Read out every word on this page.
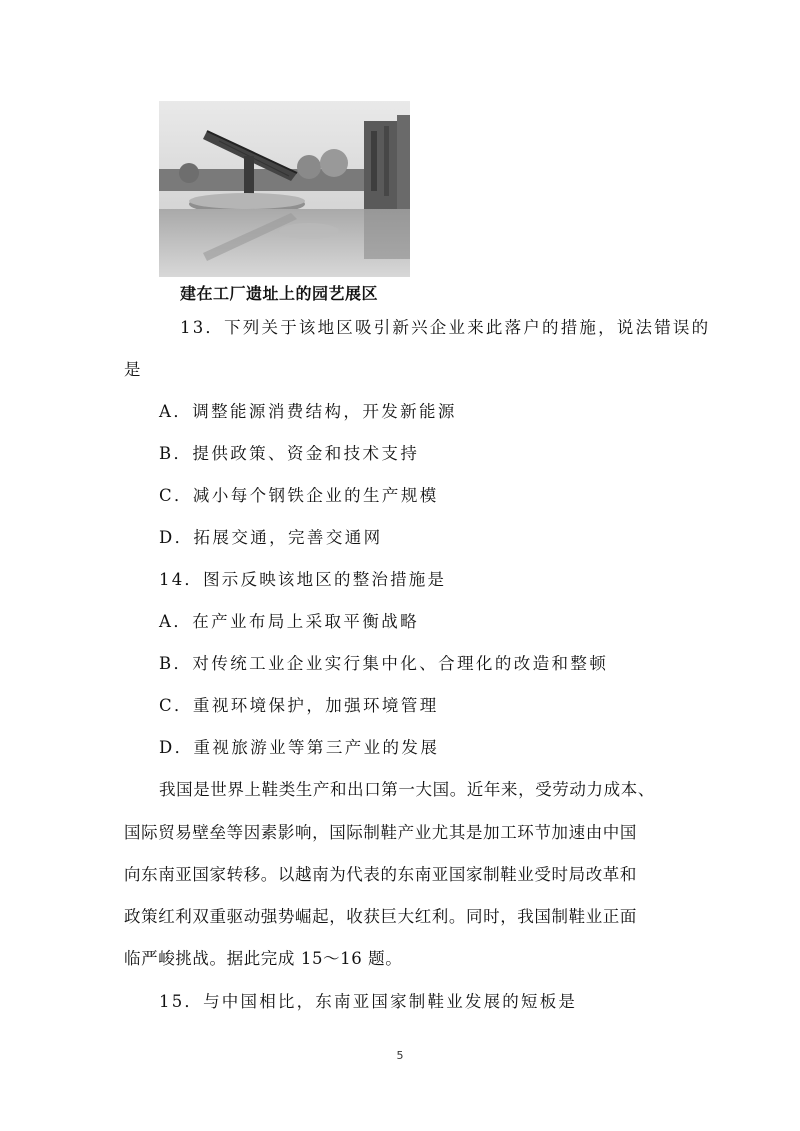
建在工厂遗址上的园艺展区
13．下列关于该地区吸引新兴企业来此落户的措施，说法错误的
是
A．调整能源消费结构，开发新能源
B．提供政策、资金和技术支持
C．减小每个钢铁企业的生产规模
D．拓展交通，完善交通网
14．图示反映该地区的整治措施是
A．在产业布局上采取平衡战略
B．对传统工业企业实行集中化、合理化的改造和整顿
C．重视环境保护，加强环境管理
D．重视旅游业等第三产业的发展
我国是世界上鞋类生产和出口第一大国。近年来，受劳动力成本、
国际贸易壁垒等因素影响，国际制鞋产业尤其是加工环节加速由中国
向东南亚国家转移。以越南为代表的东南亚国家制鞋业受时局改革和
政策红利双重驱动强势崛起，收获巨大红利。同时，我国制鞋业正面
临严峻挑战。据此完成 15～16 题。
15．与中国相比，东南亚国家制鞋业发展的短板是
5
